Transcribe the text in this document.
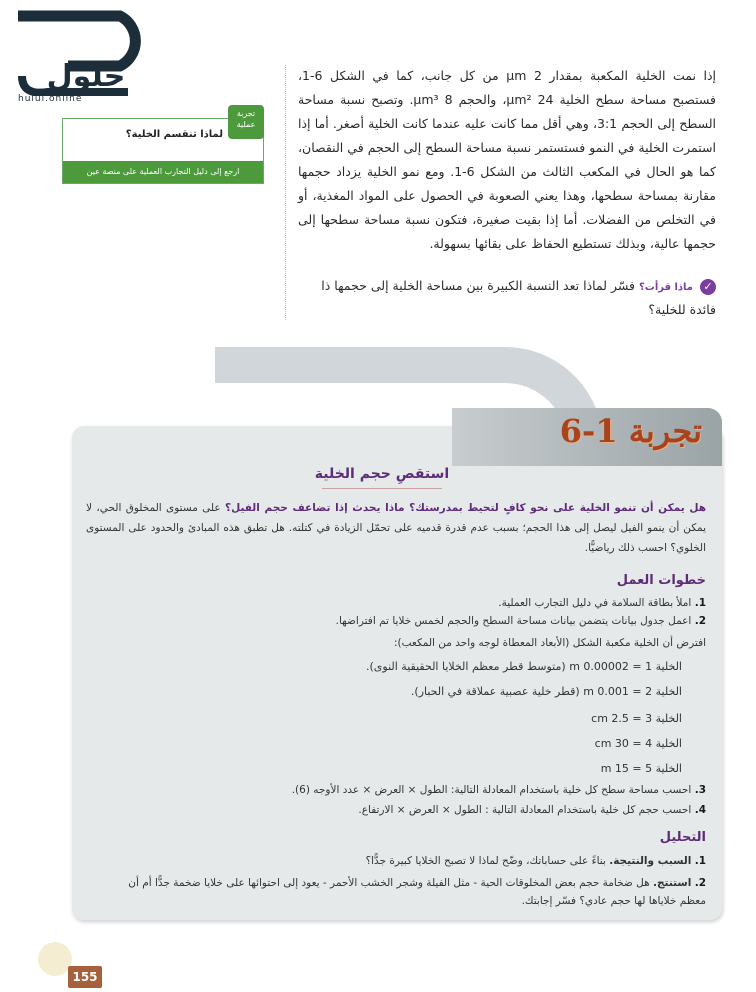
حلول
hulul.online
تجربة عملية
لماذا تنقسم الخلية؟
ارجع إلى دليل التجارب العملية على منصة عين
إذا نمت الخلية المكعبة بمقدار 2 μm من كل جانب، كما في الشكل 6-1، فستصبح مساحة سطح الخلية 24 μm²، والحجم 8 μm³. وتصبح نسبة مساحة السطح إلى الحجم 3:1، وهي أقل مما كانت عليه عندما كانت الخلية أصغر. أما إذا استمرت الخلية في النمو فستستمر نسبة مساحة السطح إلى الحجم في النقصان، كما هو الحال في المكعب الثالث من الشكل 6-1. ومع نمو الخلية يزداد حجمها مقارنة بمساحة سطحها، وهذا يعني الصعوبة في الحصول على المواد المغذية، أو في التخلص من الفضلات. أما إذا بقيت صغيرة، فتكون نسبة مساحة سطحها إلى حجمها عالية، وبذلك تستطيع الحفاظ على بقائها بسهولة.
✓ ماذا قرأت؟ فسّر لماذا تعد النسبة الكبيرة بين مساحة الخلية إلى حجمها ذا فائدة للخلية؟
تجربة 1-6
استقصِ حجم الخلية
هل يمكن أن تنمو الخلية على نحو كافٍ لتحيط بمدرستك؟ ماذا يحدث إذا تضاعف حجم الفيل؟ على مستوى المخلوق الحي، لا يمكن أن ينمو الفيل ليصل إلى هذا الحجم؛ بسبب عدم قدرة قدميه على تحمّل الزيادة في كتلته. هل تطبق هذه المبادئ والحدود على المستوى الخلوي؟ احسب ذلك رياضيًّا.
خطوات العمل
1. املأ بطاقة السلامة في دليل التجارب العملية.
2. اعمل جدول بيانات يتضمن بيانات مساحة السطح والحجم لخمس خلايا تم افتراضها.
افترض أن الخلية مكعبة الشكل (الأبعاد المعطاة لوجه واحد من المكعب):
الخلية 1 = 0.00002 m (متوسط قطر معظم الخلايا الحقيقية النوى).
الخلية 2 = 0.001 m (قطر خلية عصبية عملاقة في الحبار).
الخلية 3 = 2.5 cm
الخلية 4 = 30 cm
الخلية 5 = 15 m
3. احسب مساحة سطح كل خلية باستخدام المعادلة التالية: الطول × العرض × عدد الأوجه (6).
4. احسب حجم كل خلية باستخدام المعادلة التالية : الطول × العرض × الارتفاع.
التحليل
1. السبب والنتيجة. بناءً على حساباتك، وضّح لماذا لا تصبح الخلايا كبيرة جدًّا؟
2. استنتج. هل ضخامة حجم بعض المخلوقات الحية - مثل الفيلة وشجر الخشب الأحمر - يعود إلى احتوائها على خلايا ضخمة جدًّا أم أن معظم خلاياها لها حجم عادي؟ فسّر إجابتك.
155
